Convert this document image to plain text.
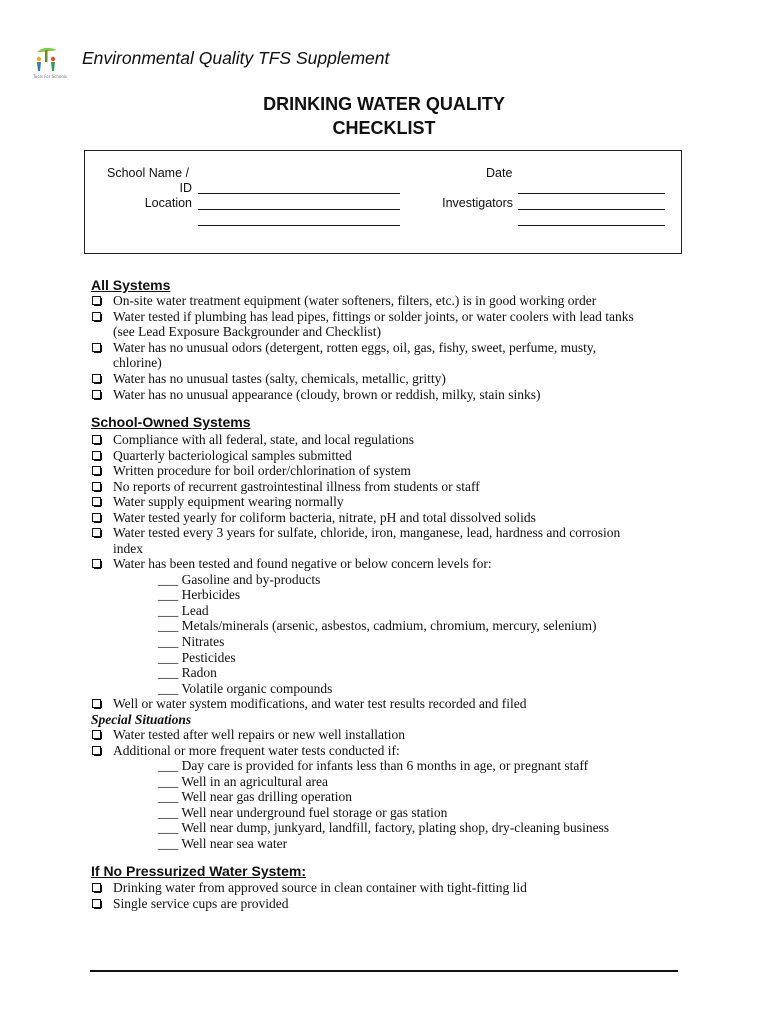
Tools For Schools
Environmental Quality TFS Supplement
DRINKING WATER QUALITY
CHECKLIST
School Name /
ID
Location
Date
Investigators
All Systems
On-site water treatment equipment (water softeners, filters, etc.) is in good working order
Water tested if plumbing has lead pipes, fittings or solder joints, or water coolers with lead tanks
(see Lead Exposure Backgrounder and Checklist)
Water has no unusual odors (detergent, rotten eggs, oil, gas, fishy, sweet, perfume, musty,
chlorine)
Water has no unusual tastes (salty, chemicals, metallic, gritty)
Water has no unusual appearance (cloudy, brown or reddish, milky, stain sinks)
School-Owned Systems
Compliance with all federal, state, and local regulations
Quarterly bacteriological samples submitted
Written procedure for boil order/chlorination of system
No reports of recurrent gastrointestinal illness from students or staff
Water supply equipment wearing normally
Water tested yearly for coliform bacteria, nitrate, pH and total dissolved solids
Water tested every 3 years for sulfate, chloride, iron, manganese, lead, hardness and corrosion
index
Water has been tested and found negative or below concern levels for:
___ Gasoline and by-products
___ Herbicides
___ Lead
___ Metals/minerals (arsenic, asbestos, cadmium, chromium, mercury, selenium)
___ Nitrates
___ Pesticides
___ Radon
___ Volatile organic compounds
Well or water system modifications, and water test results recorded and filed
Special Situations
Water tested after well repairs or new well installation
Additional or more frequent water tests conducted if:
___ Day care is provided for infants less than 6 months in age, or pregnant staff
___ Well in an agricultural area
___ Well near gas drilling operation
___ Well near underground fuel storage or gas station
___ Well near dump, junkyard, landfill, factory, plating shop, dry-cleaning business
___ Well near sea water
If No Pressurized Water System:
Drinking water from approved source in clean container with tight-fitting lid
Single service cups are provided
